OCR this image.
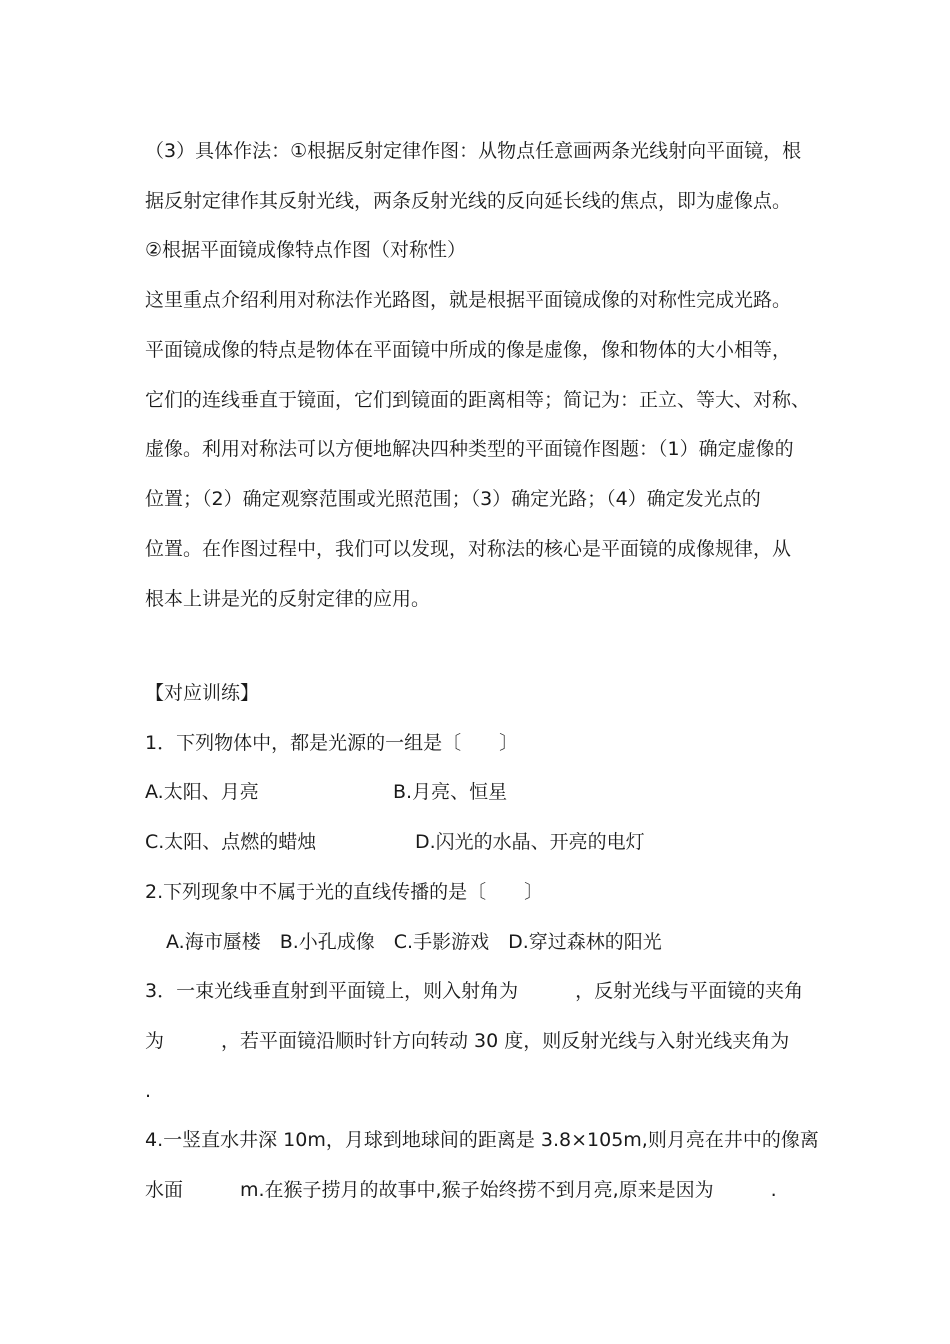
（3）具体作法：①根据反射定律作图：从物点任意画两条光线射向平面镜，根
据反射定律作其反射光线，两条反射光线的反向延长线的焦点，即为虚像点。
②根据平面镜成像特点作图（对称性）
这里重点介绍利用对称法作光路图，就是根据平面镜成像的对称性完成光路。
平面镜成像的特点是物体在平面镜中所成的像是虚像，像和物体的大小相等，
它们的连线垂直于镜面，它们到镜面的距离相等；简记为：正立、等大、对称、
虚像。利用对称法可以方便地解决四种类型的平面镜作图题：（1）确定虚像的
位置；（2）确定观察范围或光照范围；（3）确定光路；（4）确定发光点的
位置。在作图过程中，我们可以发现，对称法的核心是平面镜的成像规律，从
根本上讲是光的反射定律的应用。
【对应训练】
1．下列物体中，都是光源的一组是〔　　〕
A.太阳、月亮	B.月亮、恒星
C.太阳、点燃的蜡烛	D.闪光的水晶、开亮的电灯
2.下列现象中不属于光的直线传播的是〔　　〕
A.海市蜃楼　B.小孔成像　C.手影游戏　D.穿过森林的阳光
3．一束光线垂直射到平面镜上，则入射角为　　　，反射光线与平面镜的夹角
为　　　，若平面镜沿顺时针方向转动 30 度，则反射光线与入射光线夹角为
.
4.一竖直水井深 10m，月球到地球间的距离是 3.8×105m,则月亮在井中的像离
水面　　　m.在猴子捞月的故事中,猴子始终捞不到月亮,原来是因为　　　.
